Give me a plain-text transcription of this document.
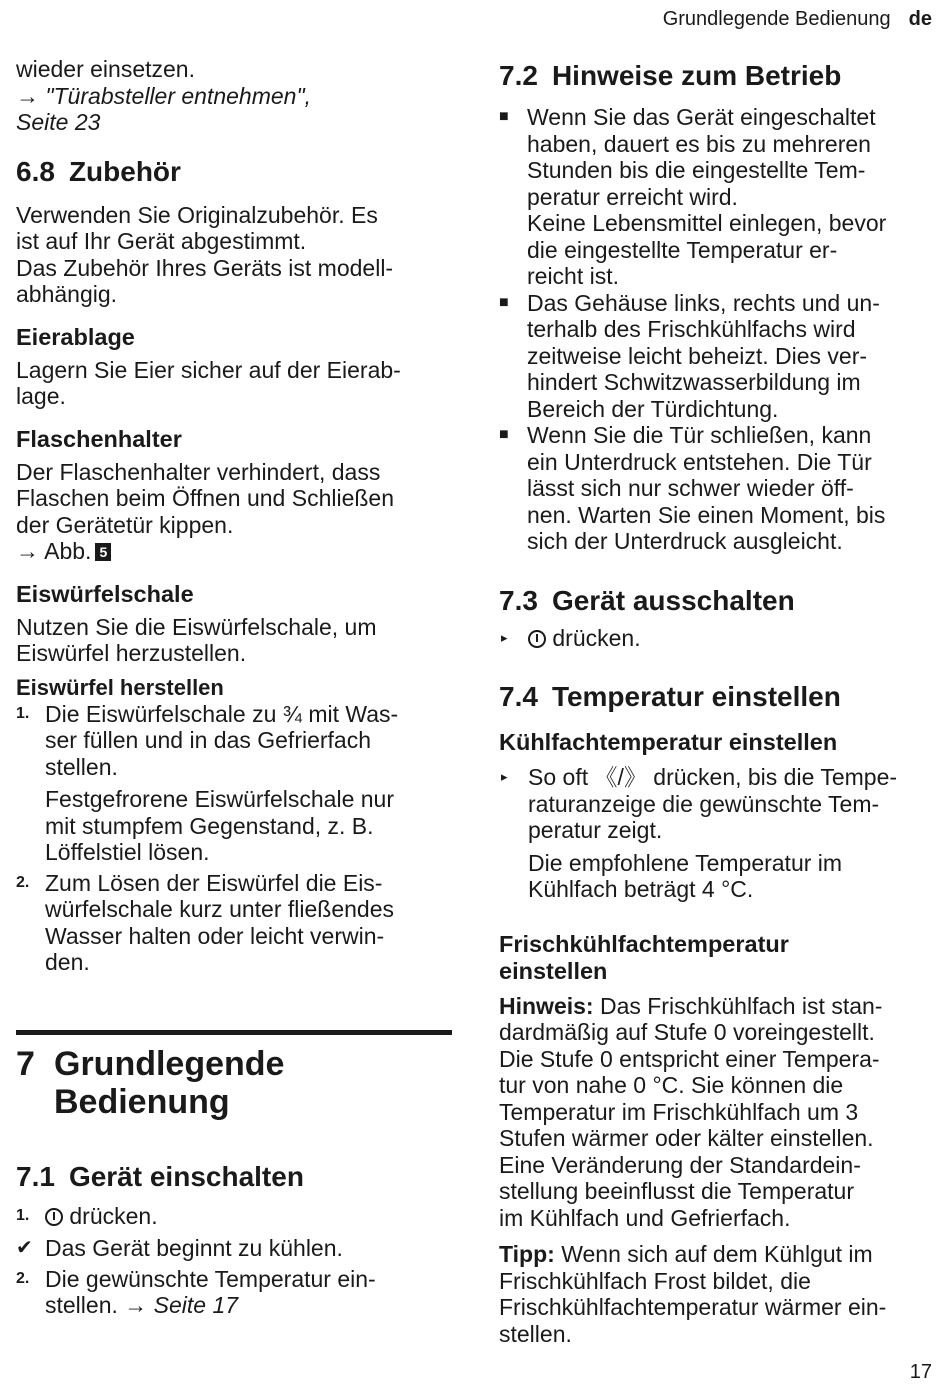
Grundlegende Bedienung de

wieder einsetzen.

→ "Türabsteller entnehmen",

Seite 23

6.8 Zubehör

Verwenden Sie Originalzubehör. Es

ist auf Ihr Gerät abgestimmt.

Das Zubehör Ihres Geräts ist modell-

abhängig.

Eierablage

Lagern Sie Eier sicher auf der Eierab-

lage.

Flaschenhalter

Der Flaschenhalter verhindert, dass

Flaschen beim Öffnen und Schließen

der Gerätetür kippen.

→ Abb. 5

Eiswürfelschale

Nutzen Sie die Eiswürfelschale, um

Eiswürfel herzustellen.

Eiswürfel herstellen
1. Die Eiswürfelschale zu ¾ mit Was-

ser füllen und in das Gefrierfach

stellen.

Festgefrorene Eiswürfelschale nur

mit stumpfem Gegenstand, z. B.

Löffelstiel lösen.

2. Zum Lösen der Eiswürfel die Eis-

würfelschale kurz unter fließendes

Wasser halten oder leicht verwin-

den.

7 Grundlegende
Bedienung
7.1 Gerät einschalten
1.	drücken.

✔ Das Gerät beginnt zu kühlen.

2. Die gewünschte Temperatur ein-

stellen. → Seite 17

7.2 Hinweise zum Betrieb
■ Wenn Sie das Gerät eingeschaltet

haben, dauert es bis zu mehreren

Stunden bis die eingestellte Tem-

peratur erreicht wird.

Keine Lebensmittel einlegen, bevor

die eingestellte Temperatur er-

reicht ist.

■ Das Gehäuse links, rechts und un-

terhalb des Frischkühlfachs wird

zeitweise leicht beheizt. Dies ver-

hindert Schwitzwasserbildung im

Bereich der Türdichtung.

■ Wenn Sie die Tür schließen, kann

ein Unterdruck entstehen. Die Tür

lässt sich nur schwer wieder öff-

nen. Warten Sie einen Moment, bis

sich der Unterdruck ausgleicht.

7.3 Gerät ausschalten
▸	drücken.

7.4 Temperatur einstellen
Kühlfachtemperatur einstellen
▸ So oft 《/》 drücken, bis die Tempe-

raturanzeige die gewünschte Tem-

peratur zeigt.

Die empfohlene Temperatur im

Kühlfach beträgt 4 °C.

Frischkühlfachtemperatur
einstellen

Hinweis: Das Frischkühlfach ist stan-

dardmäßig auf Stufe 0 voreingestellt.

Die Stufe 0 entspricht einer Tempera-

tur von nahe 0 °C. Sie können die

Temperatur im Frischkühlfach um 3

Stufen wärmer oder kälter einstellen.

Eine Veränderung der Standardein-

stellung beeinflusst die Temperatur

im Kühlfach und Gefrierfach.

Tipp: Wenn sich auf dem Kühlgut im

Frischkühlfach Frost bildet, die

Frischkühlfachtemperatur wärmer ein-

stellen.

17
